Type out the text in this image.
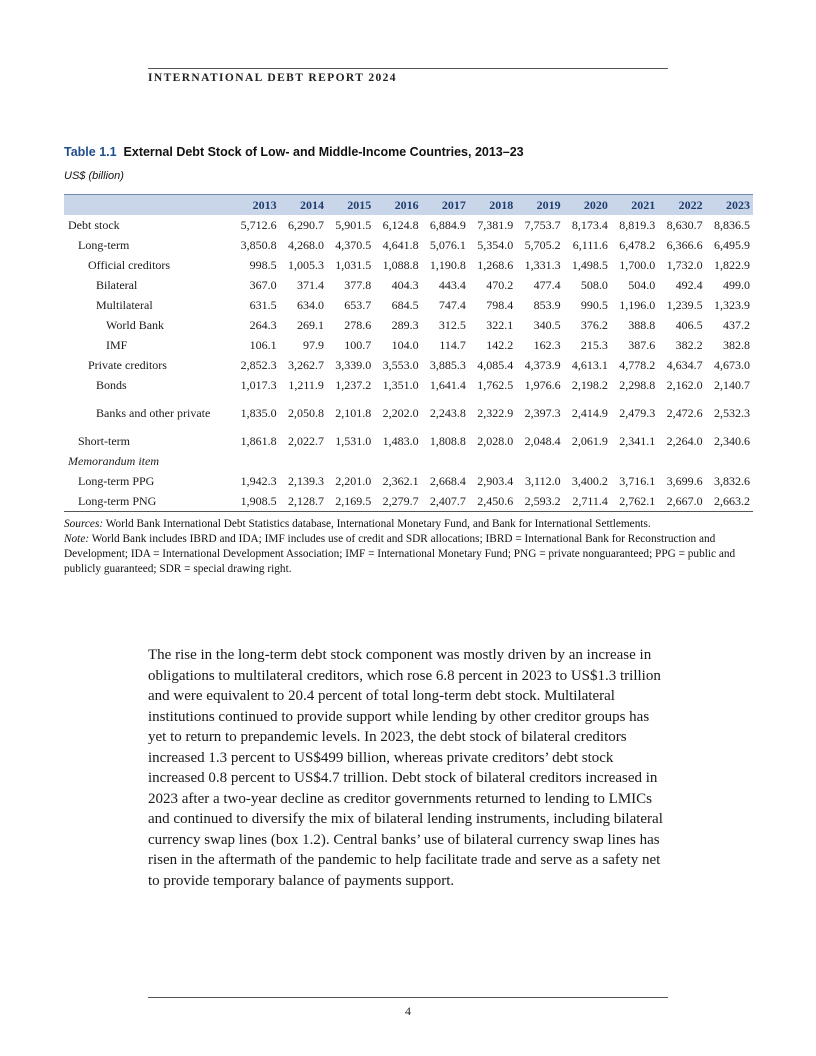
INTERNATIONAL DEBT REPORT 2024
Table 1.1 External Debt Stock of Low- and Middle-Income Countries, 2013–23
US$ (billion)
	2013	2014	2015	2016	2017	2018	2019	2020	2021	2022	2023
Debt stock	5,712.6	6,290.7	5,901.5	6,124.8	6,884.9	7,381.9	7,753.7	8,173.4	8,819.3	8,630.7	8,836.5
Long-term	3,850.8	4,268.0	4,370.5	4,641.8	5,076.1	5,354.0	5,705.2	6,111.6	6,478.2	6,366.6	6,495.9
Official creditors	998.5	1,005.3	1,031.5	1,088.8	1,190.8	1,268.6	1,331.3	1,498.5	1,700.0	1,732.0	1,822.9
Bilateral	367.0	371.4	377.8	404.3	443.4	470.2	477.4	508.0	504.0	492.4	499.0
Multilateral	631.5	634.0	653.7	684.5	747.4	798.4	853.9	990.5	1,196.0	1,239.5	1,323.9
World Bank	264.3	269.1	278.6	289.3	312.5	322.1	340.5	376.2	388.8	406.5	437.2
IMF	106.1	97.9	100.7	104.0	114.7	142.2	162.3	215.3	387.6	382.2	382.8
Private creditors	2,852.3	3,262.7	3,339.0	3,553.0	3,885.3	4,085.4	4,373.9	4,613.1	4,778.2	4,634.7	4,673.0
Bonds	1,017.3	1,211.9	1,237.2	1,351.0	1,641.4	1,762.5	1,976.6	2,198.2	2,298.8	2,162.0	2,140.7
Banks and other private	1,835.0	2,050.8	2,101.8	2,202.0	2,243.8	2,322.9	2,397.3	2,414.9	2,479.3	2,472.6	2,532.3
Short-term	1,861.8	2,022.7	1,531.0	1,483.0	1,808.8	2,028.0	2,048.4	2,061.9	2,341.1	2,264.0	2,340.6
Memorandum item											
Long-term PPG	1,942.3	2,139.3	2,201.0	2,362.1	2,668.4	2,903.4	3,112.0	3,400.2	3,716.1	3,699.6	3,832.6
Long-term PNG	1,908.5	2,128.7	2,169.5	2,279.7	2,407.7	2,450.6	2,593.2	2,711.4	2,762.1	2,667.0	2,663.2
Sources: World Bank International Debt Statistics database, International Monetary Fund, and Bank for International Settlements.
Note: World Bank includes IBRD and IDA; IMF includes use of credit and SDR allocations; IBRD = International Bank for Reconstruction and Development; IDA = International Development Association; IMF = International Monetary Fund; PNG = private nonguaranteed; PPG = public and publicly guaranteed; SDR = special drawing right.

The rise in the long-term debt stock component was mostly driven by an increase in obligations to multilateral creditors, which rose 6.8 percent in 2023 to US$1.3 trillion and were equivalent to 20.4 percent of total long-term debt stock. Multilateral institutions continued to provide support while lending by other creditor groups has yet to return to prepandemic levels. In 2023, the debt stock of bilateral creditors increased 1.3 percent to US$499 billion, whereas private creditors’ debt stock increased 0.8 percent to US$4.7 trillion. Debt stock of bilateral creditors increased in 2023 after a two-year decline as creditor governments returned to lending to LMICs and continued to diversify the mix of bilateral lending instruments, including bilateral currency swap lines (box 1.2). Central banks’ use of bilateral currency swap lines has risen in the aftermath of the pandemic to help facilitate trade and serve as a safety net to provide temporary balance of payments support.

4
